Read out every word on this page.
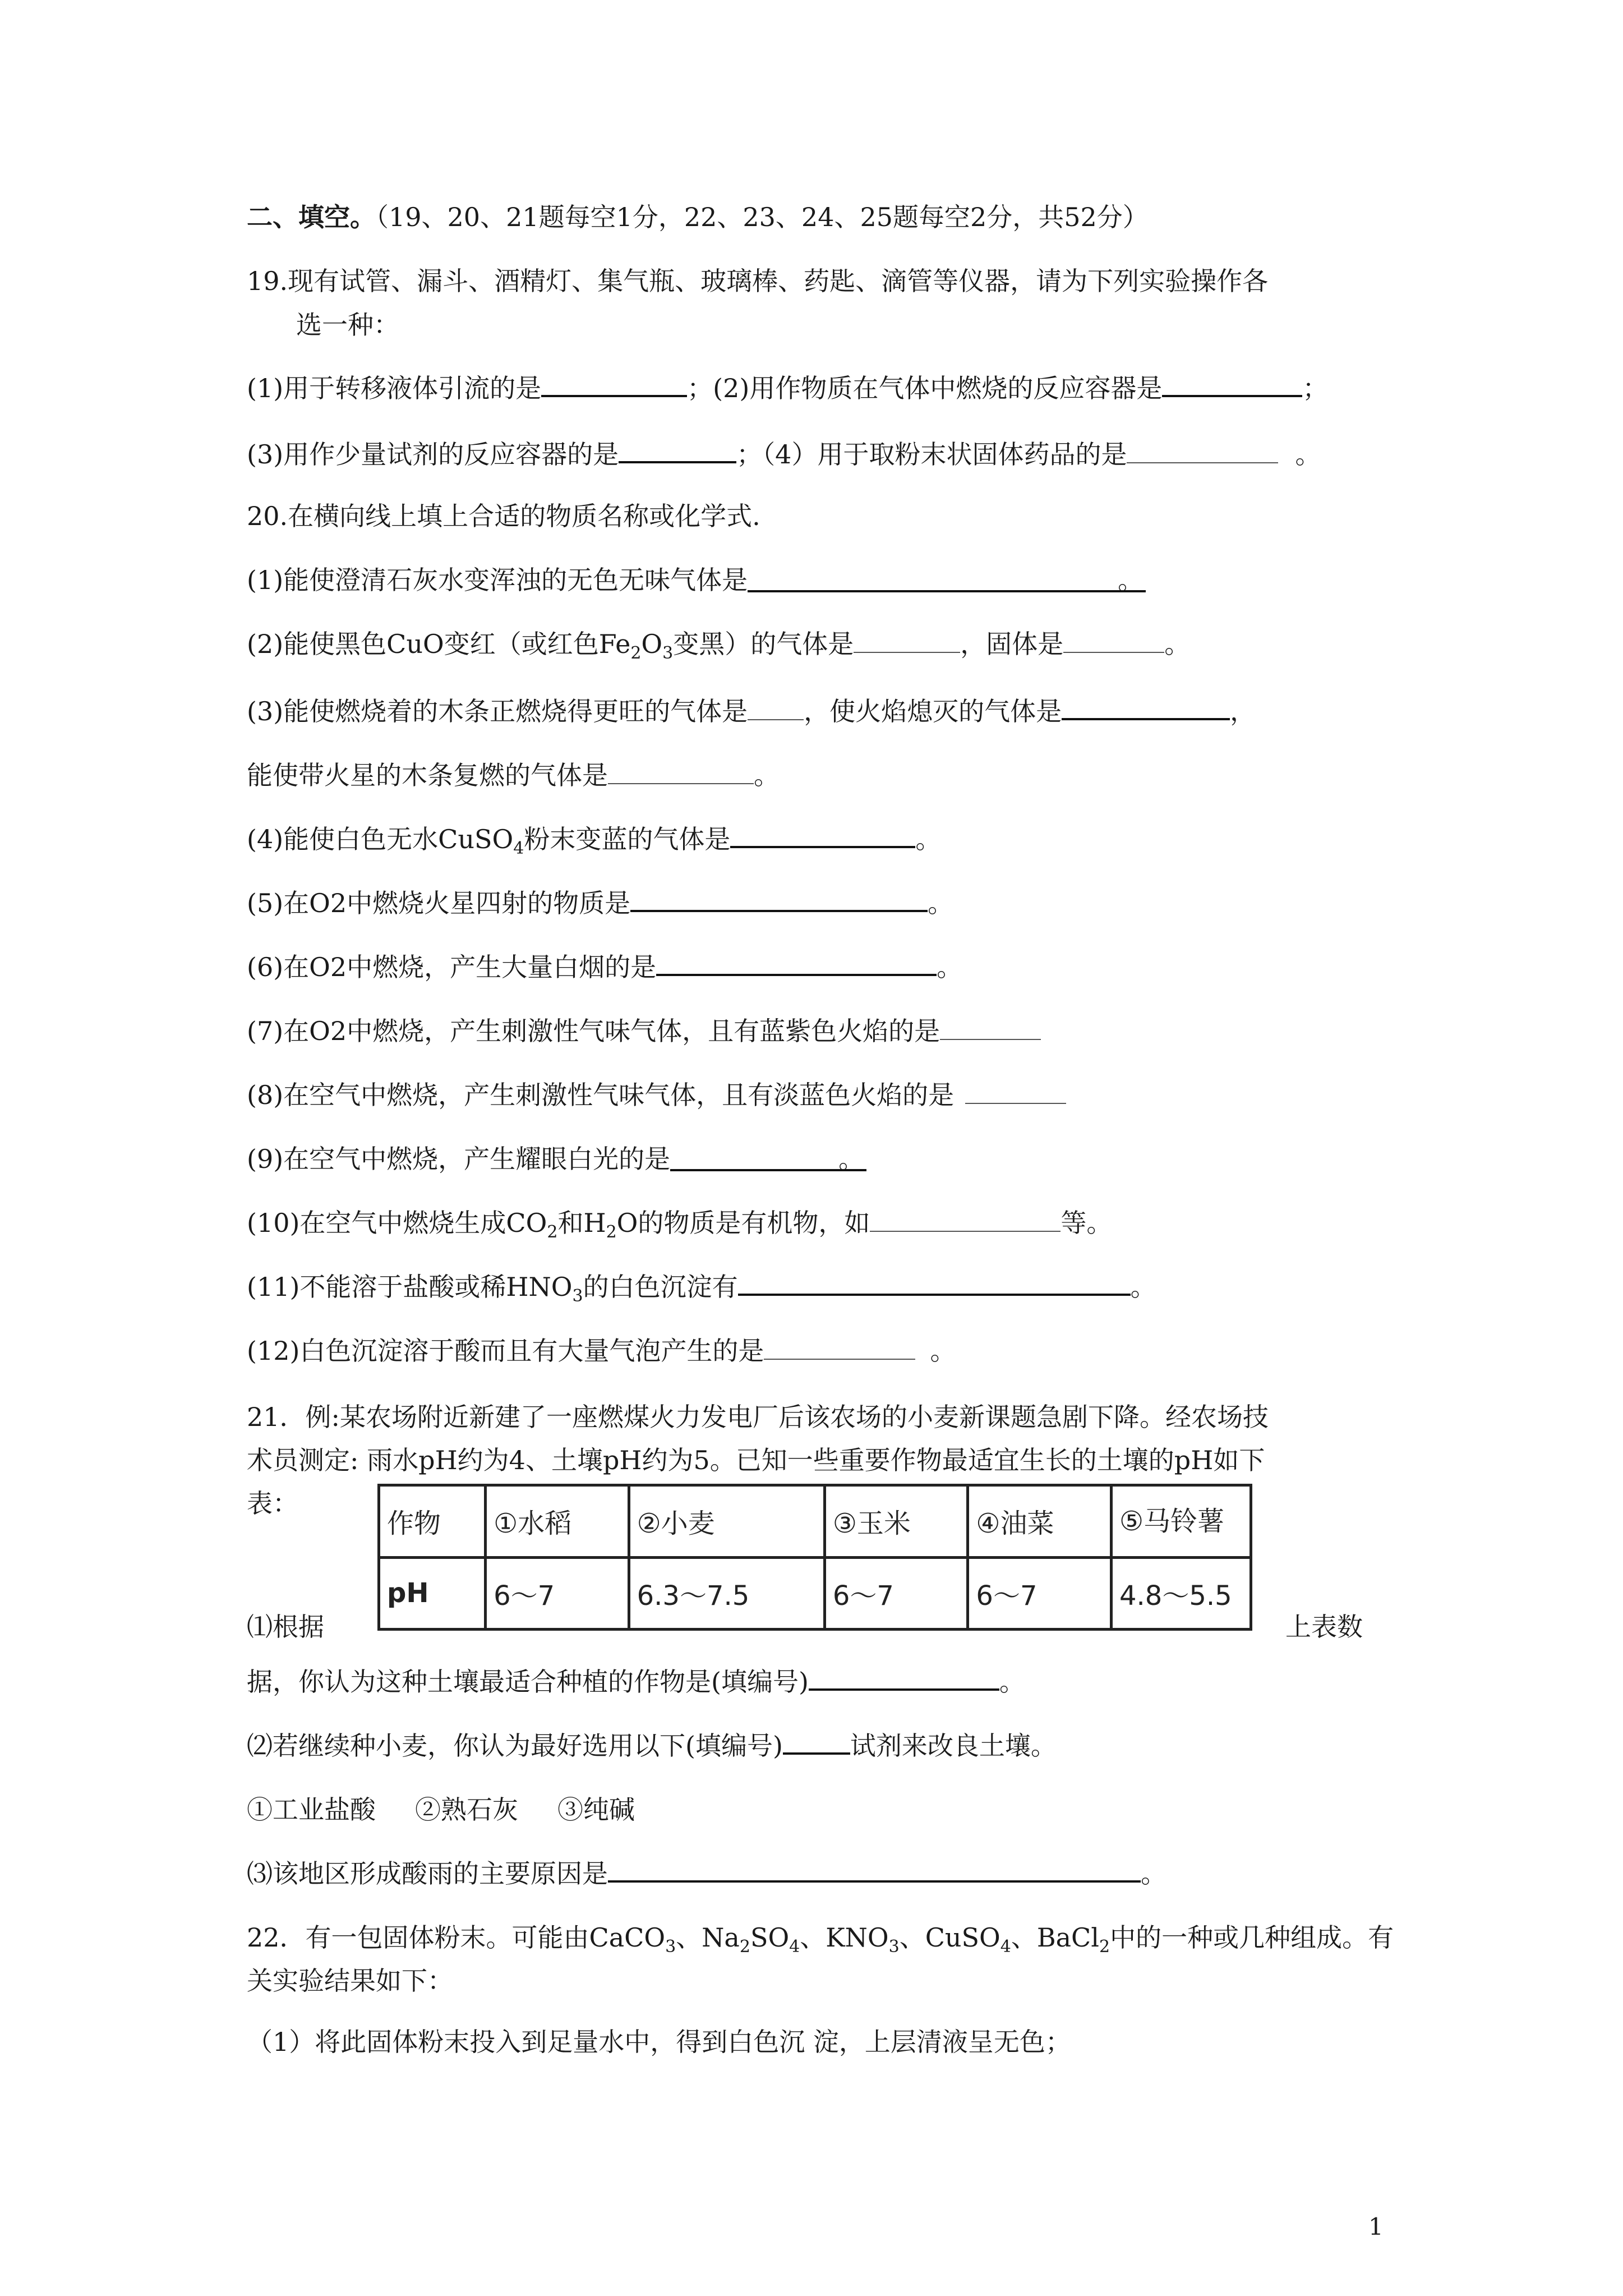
二、填空。（19、20、21题每空1分，22、23、24、25题每空2分，共52分）
19.现有试管、漏斗、酒精灯、集气瓶、玻璃棒、药匙、滴管等仪器，请为下列实验操作各
选一种：
(1)用于转移液体引流的是	；(2)用作物质在气体中燃烧的反应容器是	；
(3)用作少量试剂的反应容器的是	；（4）用于取粉末状固体药品的是	。
20.在横向线上填上合适的物质名称或化学式.
(1)能使澄清石灰水变浑浊的无色无味气体是	。
(2)能使黑色CuO变红（或红色$Fe_2O_3$变黑）的气体是	，固体是	。
(3)能使燃烧着的木条正燃烧得更旺的气体是 ，使火焰熄灭的气体是	，
能使带火星的木条复燃的气体是	。
(4)能使白色无水CuSO$_4$粉末变蓝的气体是	。
(5)在O2中燃烧火星四射的物质是	。
(6)在O2中燃烧，产生大量白烟的是	。
(7)在O2中燃烧，产生刺激性气味气体，且有蓝紫色火焰的是
(8)在空气中燃烧，产生刺激性气味气体，且有淡蓝色火焰的是
(9)在空气中燃烧，产生耀眼白光的是	。
(10)在空气中燃烧生成$CO_2$和$H_2O$的物质是有机物，如	等。
(11)不能溶于盐酸或稀$HNO_3$的白色沉淀有	。
(12)白色沉淀溶于酸而且有大量气泡产生的是	。
21．例:某农场附近新建了一座燃煤火力发电厂后该农场的小麦新课题急剧下降。经农场技
术员测定: 雨水pH约为4、土壤pH约为5。已知一些重要作物最适宜生长的土壤的pH如下
表：
作物	①水稻	②小麦	③玉米	④油菜	⑤马铃薯
pH	6～7	6.3～7.5	6～7	6～7	4.8～5.5
⑴根据	上表数
据，你认为这种土壤最适合种植的作物是(填编号)	。
⑵若继续种小麦，你认为最好选用以下(填编号)	试剂来改良土壤。
①工业盐酸 ②熟石灰 ③纯碱
⑶该地区形成酸雨的主要原因是	。
22．有一包固体粉末。可能由CaCO$_3$、$Na_2SO_4$、$KNO_3$、CuSO$_4$、BaCl$_2$中的一种或几种组成。有
关实验结果如下：
（1）将此固体粉末投入到足量水中，得到白色沉 淀，上层清液呈无色；
1
